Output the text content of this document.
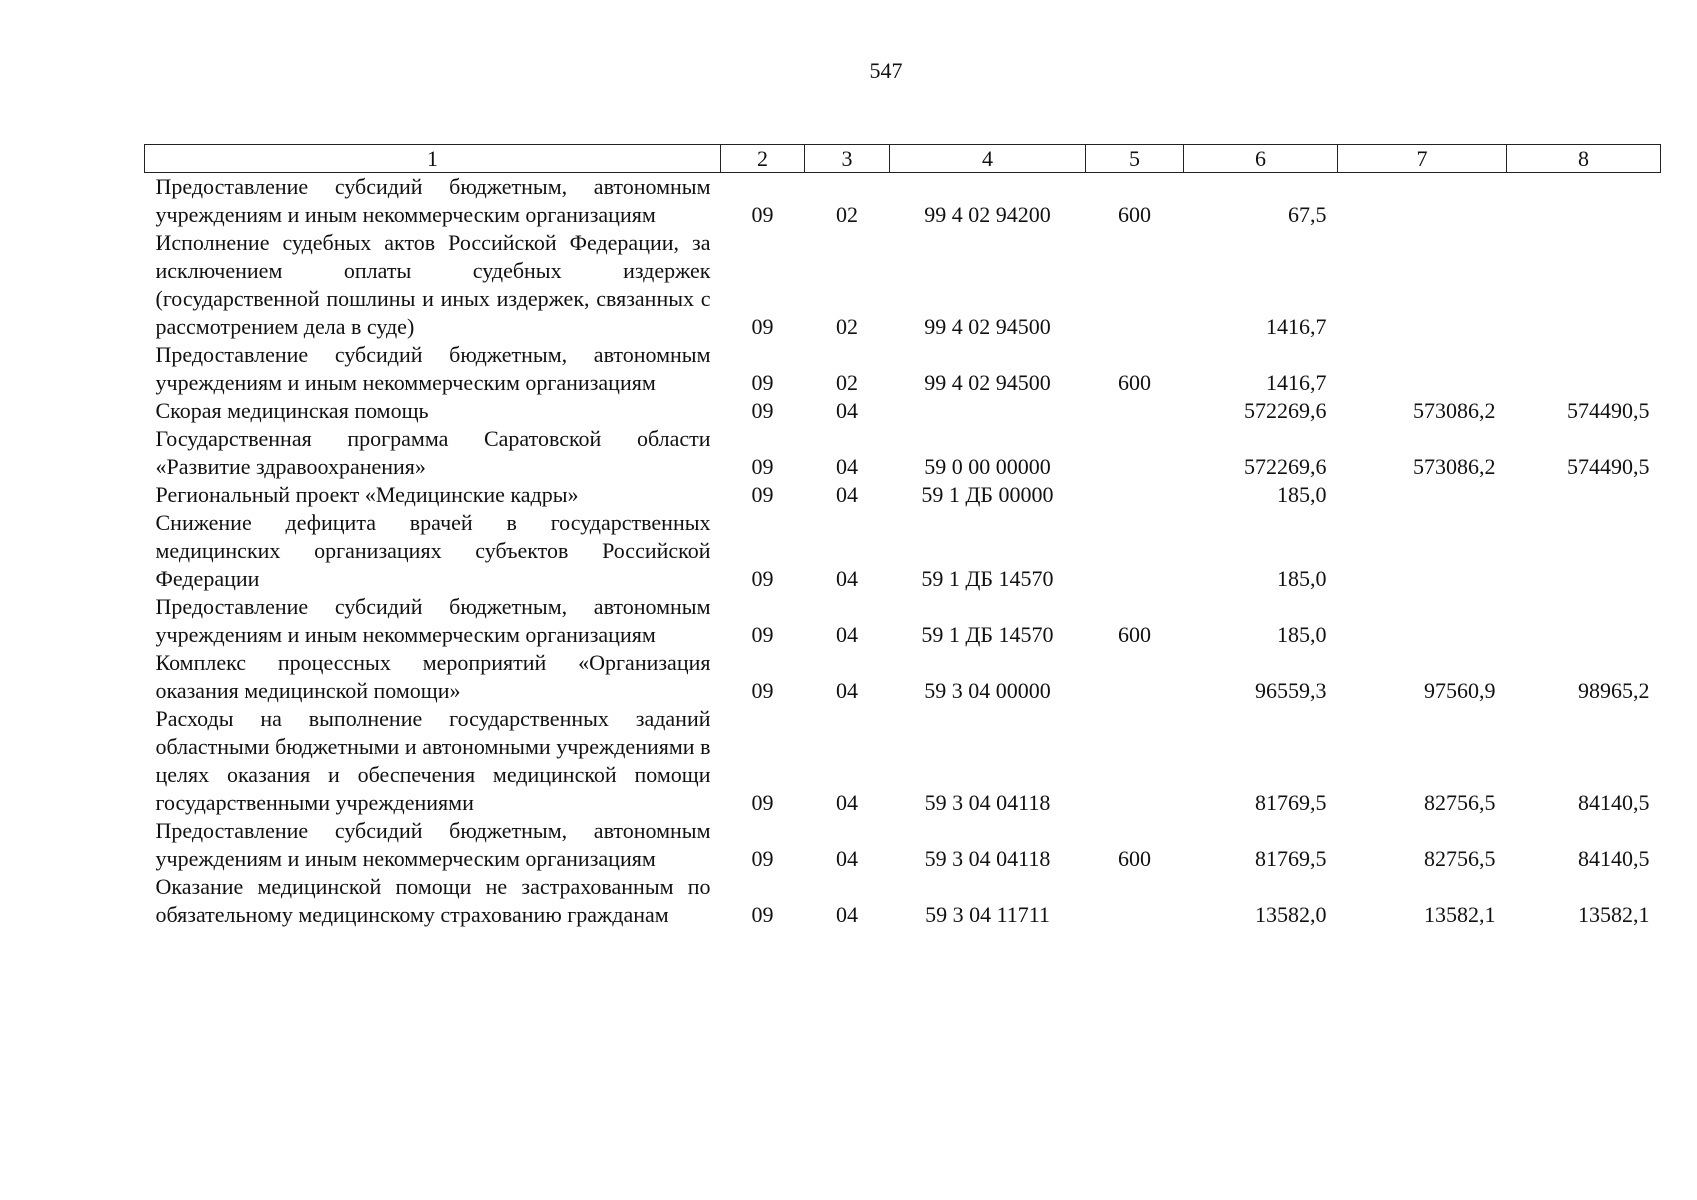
547
1	2	3	4	5	6	7	8
Предоставление субсидий бюджетным, автономным учреждениям и иным некоммерческим организациям	09	02	99 4 02 94200	600	67,5		
Исполнение судебных актов Российской Федерации, за исключением оплаты судебных издержек (государственной пошлины и иных издержек, связанных с рассмотрением дела в суде)	09	02	99 4 02 94500		1416,7		
Предоставление субсидий бюджетным, автономным учреждениям и иным некоммерческим организациям	09	02	99 4 02 94500	600	1416,7		
Скорая медицинская помощь	09	04			572269,6	573086,2	574490,5
Государственная программа Саратовской области «Развитие здравоохранения»	09	04	59 0 00 00000		572269,6	573086,2	574490,5
Региональный проект «Медицинские кадры»	09	04	59 1 ДБ 00000		185,0		
Снижение дефицита врачей в государственных медицинских организациях субъектов Российской Федерации	09	04	59 1 ДБ 14570		185,0		
Предоставление субсидий бюджетным, автономным учреждениям и иным некоммерческим организациям	09	04	59 1 ДБ 14570	600	185,0		
Комплекс процессных мероприятий «Организация оказания медицинской помощи»	09	04	59 3 04 00000		96559,3	97560,9	98965,2
Расходы на выполнение государственных заданий областными бюджетными и автономными учреждениями в целях оказания и обеспечения медицинской помощи государственными учреждениями	09	04	59 3 04 04118		81769,5	82756,5	84140,5
Предоставление субсидий бюджетным, автономным учреждениям и иным некоммерческим организациям	09	04	59 3 04 04118	600	81769,5	82756,5	84140,5
Оказание медицинской помощи не застрахованным по обязательному медицинскому страхованию гражданам	09	04	59 3 04 11711		13582,0	13582,1	13582,1
